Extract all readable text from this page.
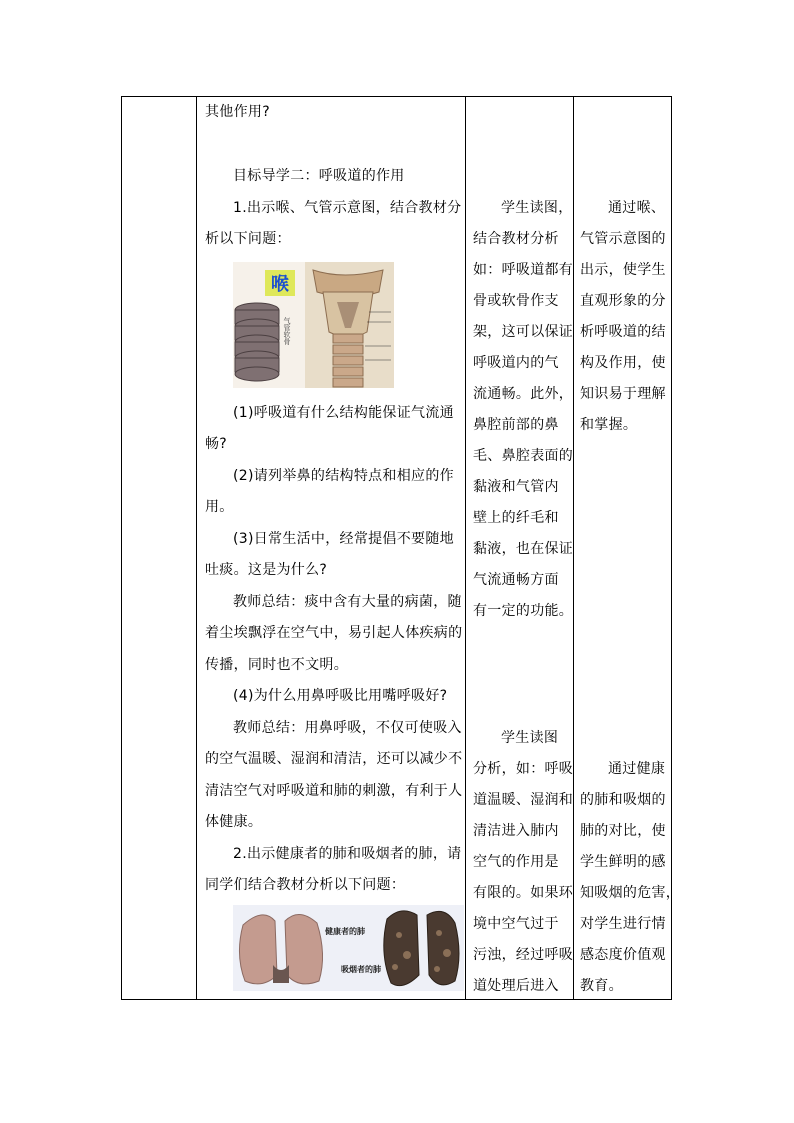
其他作用?
目标导学二：呼吸道的作用
1.出示喉、气管示意图，结合教材分
析以下问题：
喉
气管软骨
(1)呼吸道有什么结构能保证气流通
畅?
(2)请列举鼻的结构特点和相应的作
用。
(3)日常生活中，经常提倡不要随地
吐痰。这是为什么?
教师总结：痰中含有大量的病菌，随
着尘埃飘浮在空气中，易引起人体疾病的
传播，同时也不文明。
(4)为什么用鼻呼吸比用嘴呼吸好?
教师总结：用鼻呼吸，不仅可使吸入
的空气温暖、湿润和清洁，还可以减少不
清洁空气对呼吸道和肺的刺激，有利于人
体健康。
2.出示健康者的肺和吸烟者的肺，请
同学们结合教材分析以下问题：
健康者的肺
吸烟者的肺
学生读图，
结合教材分析
如：呼吸道都有
骨或软骨作支
架，这可以保证
呼吸道内的气
流通畅。此外，
鼻腔前部的鼻
毛、鼻腔表面的
黏液和气管内
壁上的纤毛和
黏液，也在保证
气流通畅方面
有一定的功能。
学生读图
分析，如：呼吸
道温暖、湿润和
清洁进入肺内
空气的作用是
有限的。如果环
境中空气过于
污浊，经过呼吸
道处理后进入
通过喉、
气管示意图的
出示，使学生
直观形象的分
析呼吸道的结
构及作用，使
知识易于理解
和掌握。
通过健康
的肺和吸烟的
肺的对比，使
学生鲜明的感
知吸烟的危害，
对学生进行情
感态度价值观
教育。
